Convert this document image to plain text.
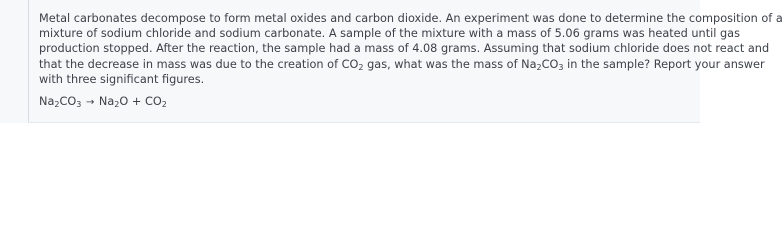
Metal carbonates decompose to form metal oxides and carbon dioxide. An experiment was done to determine the composition of a
mixture of sodium chloride and sodium carbonate. A sample of the mixture with a mass of 5.06 grams was heated until gas
production stopped. After the reaction, the sample had a mass of 4.08 grams. Assuming that sodium chloride does not react and
that the decrease in mass was due to the creation of $CO_2$ gas, what was the mass of $Na_2CO_3$ in the sample? Report your answer
with three significant figures.
$Na_2CO_3 \to Na_2O + CO_2$
